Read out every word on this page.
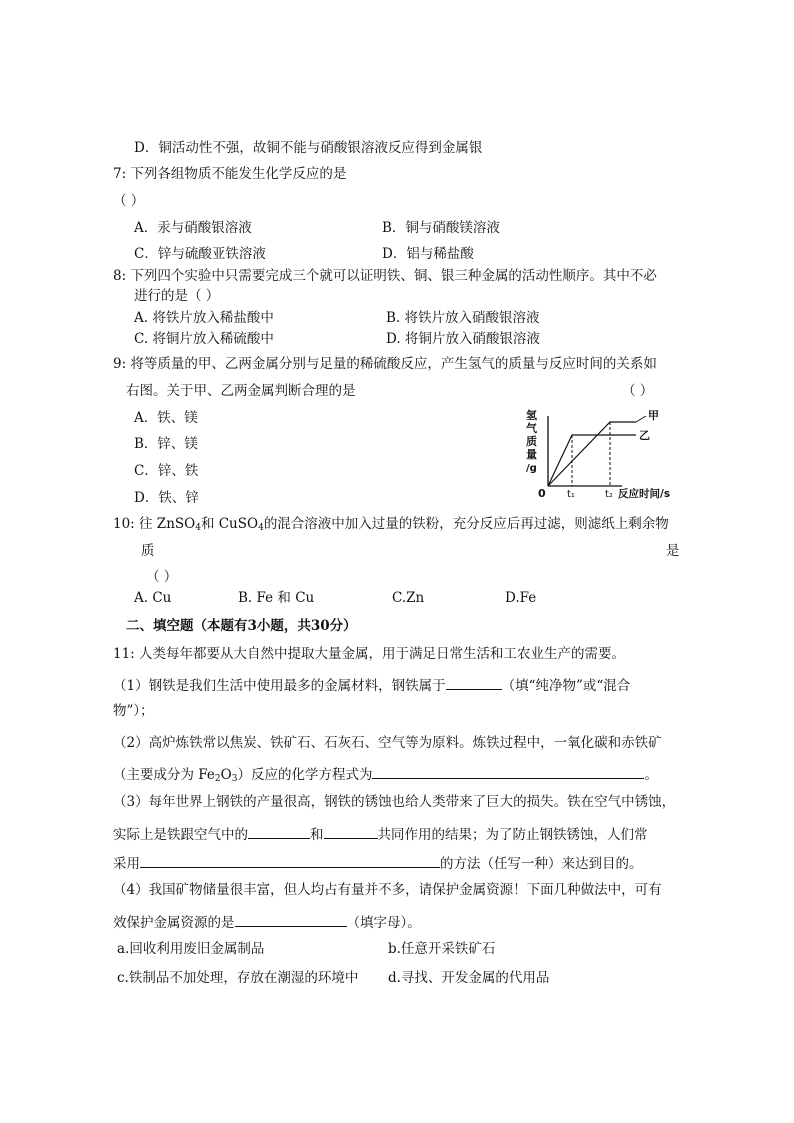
D．铜活动性不强，故铜不能与硝酸银溶液反应得到金属银
7: 下列各组物质不能发生化学反应的是
（ ）
A．汞与硝酸银溶液	B．铜与硝酸镁溶液
C．锌与硫酸亚铁溶液	D．铝与稀盐酸
8: 下列四个实验中只需要完成三个就可以证明铁、铜、银三种金属的活动性顺序。其中不必
进行的是（ ）
A. 将铁片放入稀盐酸中	B. 将铁片放入硝酸银溶液
C. 将铜片放入稀硫酸中	D. 将铜片放入硝酸银溶液
9: 将等质量的甲、乙两金属分别与足量的稀硫酸反应，产生氢气的质量与反应时间的关系如
右图。关于甲、乙两金属判断合理的是	（ ）
A．铁、镁
B．锌、镁
C．锌、铁
D．铁、锌
氢
气
质
量
/g
0
甲
乙
t₁	t₂ 反应时间/s
10: 往 ZnSO$_4$和 CuSO$_4$的混合溶液中加入过量的铁粉，充分反应后再过滤，则滤纸上剩余物
质	是
（ ）
A. Cu	B. Fe 和 Cu	C.Zn	D.Fe
二、填空题（本题有3小题，共30分）
11: 人类每年都要从大自然中提取大量金属，用于满足日常生活和工农业生产的需要。
（1）钢铁是我们生活中使用最多的金属材料，钢铁属于	（填“纯净物”或“混合
物”）；
（2）高炉炼铁常以焦炭、铁矿石、石灰石、空气等为原料。炼铁过程中，一氧化碳和赤铁矿
（主要成分为 $Fe_2O_3$）反应的化学方程式为	。
（3）每年世界上钢铁的产量很高，钢铁的锈蚀也给人类带来了巨大的损失。铁在空气中锈蚀，
实际上是铁跟空气中的	和	共同作用的结果；为了防止钢铁锈蚀，人们常
采用	的方法（任写一种）来达到目的。
（4）我国矿物储量很丰富，但人均占有量并不多，请保护金属资源！下面几种做法中，可有
效保护金属资源的是	（填字母）。
a.回收利用废旧金属制品	b.任意开采铁矿石
c.铁制品不加处理，存放在潮湿的环境中 d.寻找、开发金属的代用品
